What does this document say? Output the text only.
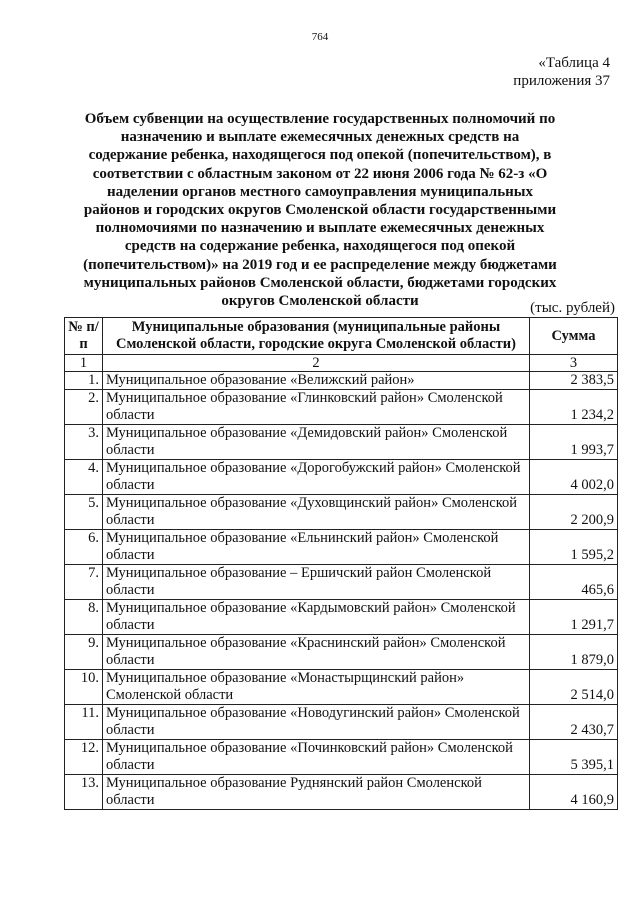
764
«Таблица 4
приложения 37
Объем субвенции на осуществление государственных полномочий по назначению и выплате ежемесячных денежных средств на содержание ребенка, находящегося под опекой (попечительством), в соответствии с областным законом от 22 июня 2006 года № 62-з «О наделении органов местного самоуправления муниципальных районов и городских округов Смоленской области государственными полномочиями по назначению и выплате ежемесячных денежных средств на содержание ребенка, находящегося под опекой (попечительством)» на 2019 год и ее распределение между бюджетами муниципальных районов Смоленской области, бюджетами городских округов Смоленской области	(тыс. рублей)
№ п/п	Муниципальные образования (муниципальные районы Смоленской области, городские округа Смоленской области)	Сумма
1	2	3
1.	Муниципальное образование «Велижский район»	2 383,5
2.	Муниципальное образование «Глинковский район» Смоленской области	1 234,2
3.	Муниципальное образование «Демидовский район» Смоленской области	1 993,7
4.	Муниципальное образование «Дорогобужский район» Смоленской области	4 002,0
5.	Муниципальное образование «Духовщинский район» Смоленской области	2 200,9
6.	Муниципальное образование «Ельнинский район» Смоленской области	1 595,2
7.	Муниципальное образование – Ершичский район Смоленской области	465,6
8.	Муниципальное образование «Кардымовский район» Смоленской области	1 291,7
9.	Муниципальное образование «Краснинский район» Смоленской области	1 879,0
10.	Муниципальное образование «Монастырщинский район» Смоленской области	2 514,0
11.	Муниципальное образование «Новодугинский район» Смоленской области	2 430,7
12.	Муниципальное образование «Починковский район» Смоленской области	5 395,1
13.	Муниципальное образование Руднянский район Смоленской области	4 160,9
